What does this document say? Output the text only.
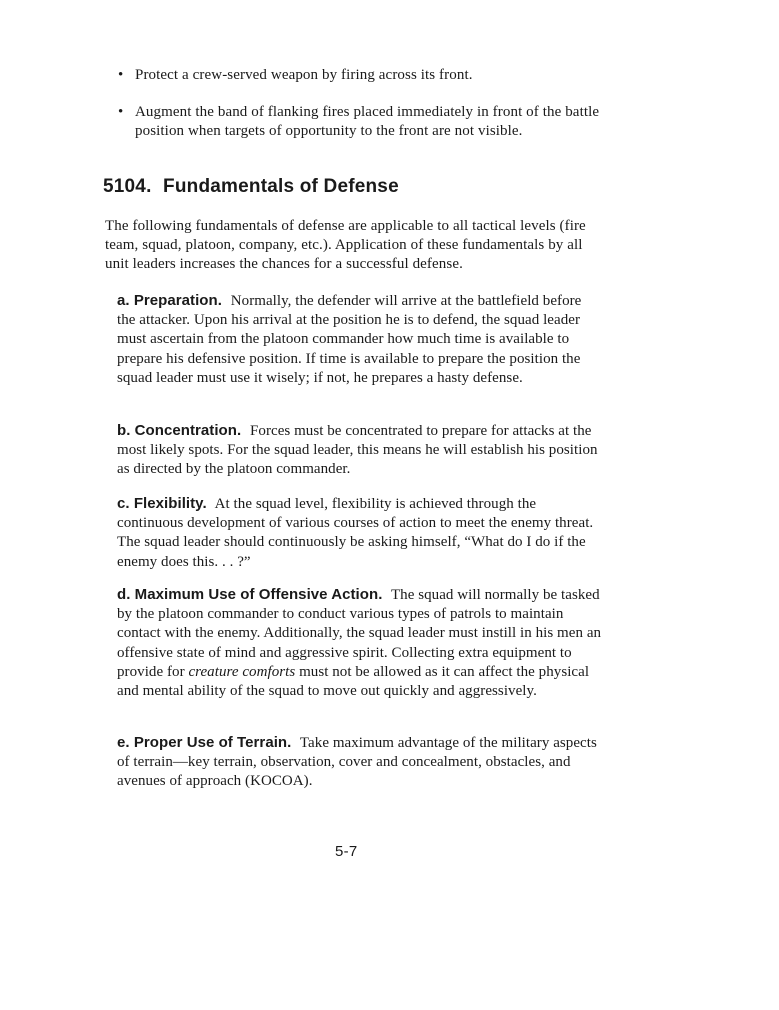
• Protect a crew-served weapon by firing across its front.
• Augment the band of flanking fires placed immediately in front of the battle position when targets of opportunity to the front are not visible.
5104. Fundamentals of Defense

The following fundamentals of defense are applicable to all tactical levels (fire team, squad, platoon, company, etc.). Application of these fundamentals by all unit leaders increases the chances for a successful defense.

a. Preparation. Normally, the defender will arrive at the battlefield before the attacker. Upon his arrival at the position he is to defend, the squad leader must ascertain from the platoon commander how much time is available to prepare his defensive position. If time is available to prepare the position the squad leader must use it wisely; if not, he prepares a hasty defense.

b. Concentration. Forces must be concentrated to prepare for attacks at the most likely spots. For the squad leader, this means he will establish his position as directed by the platoon commander.

c. Flexibility. At the squad level, flexibility is achieved through the continuous development of various courses of action to meet the enemy threat. The squad leader should continuously be asking himself, “What do I do if the enemy does this. . . ?”

d. Maximum Use of Offensive Action. The squad will normally be tasked by the platoon commander to conduct various types of patrols to maintain contact with the enemy. Additionally, the squad leader must instill in his men an offensive state of mind and aggressive spirit. Collecting extra equipment to provide for creature comforts must not be allowed as it can affect the physical and mental ability of the squad to move out quickly and aggressively.

e. Proper Use of Terrain. Take maximum advantage of the military aspects of terrain—key terrain, observation, cover and concealment, obstacles, and avenues of approach (KOCOA).

5-7
